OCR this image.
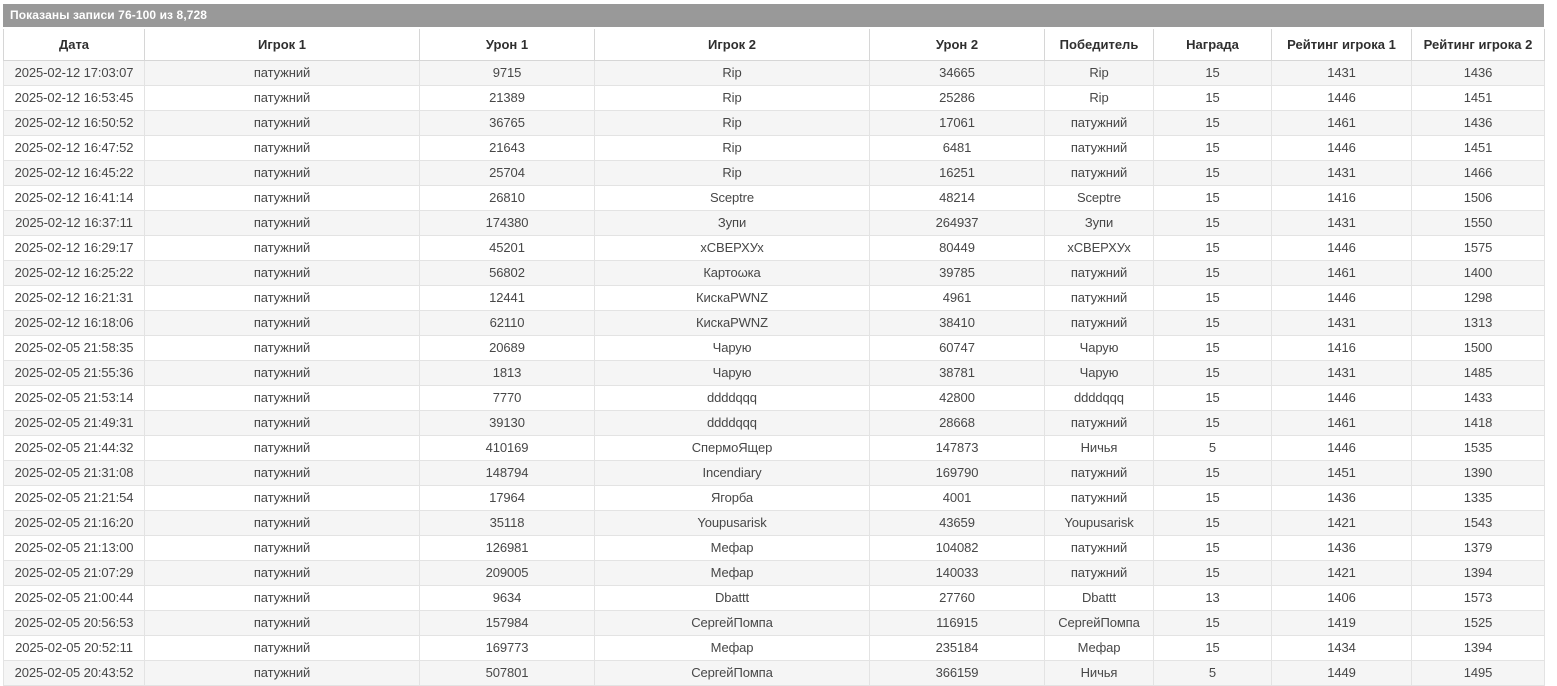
Показаны записи 76-100 из 8,728
Дата	Игрок 1	Урон 1	Игрок 2	Урон 2	Победитель	Награда	Рейтинг игрока 1	Рейтинг игрока 2
2025-02-12 17:03:07	патужний	9715	Rip	34665	Rip	15	1431	1436
2025-02-12 16:53:45	патужний	21389	Rip	25286	Rip	15	1446	1451
2025-02-12 16:50:52	патужний	36765	Rip	17061	патужний	15	1461	1436
2025-02-12 16:47:52	патужний	21643	Rip	6481	патужний	15	1446	1451
2025-02-12 16:45:22	патужний	25704	Rip	16251	патужний	15	1431	1466
2025-02-12 16:41:14	патужний	26810	Sceptre	48214	Sceptre	15	1416	1506
2025-02-12 16:37:11	патужний	174380	Зупи	264937	Зупи	15	1431	1550
2025-02-12 16:29:17	патужний	45201	хСВЕРХУх	80449	хСВЕРХУх	15	1446	1575
2025-02-12 16:25:22	патужний	56802	Картоωка	39785	патужний	15	1461	1400
2025-02-12 16:21:31	патужний	12441	КискаPWNZ	4961	патужний	15	1446	1298
2025-02-12 16:18:06	патужний	62110	КискаPWNZ	38410	патужний	15	1431	1313
2025-02-05 21:58:35	патужний	20689	Чарую	60747	Чарую	15	1416	1500
2025-02-05 21:55:36	патужний	1813	Чарую	38781	Чарую	15	1431	1485
2025-02-05 21:53:14	патужний	7770	ddddqqq	42800	ddddqqq	15	1446	1433
2025-02-05 21:49:31	патужний	39130	ddddqqq	28668	патужний	15	1461	1418
2025-02-05 21:44:32	патужний	410169	СпермоЯщер	147873	Ничья	5	1446	1535
2025-02-05 21:31:08	патужний	148794	Incendiary	169790	патужний	15	1451	1390
2025-02-05 21:21:54	патужний	17964	Ягорба	4001	патужний	15	1436	1335
2025-02-05 21:16:20	патужний	35118	Youpusarisk	43659	Youpusarisk	15	1421	1543
2025-02-05 21:13:00	патужний	126981	Мефар	104082	патужний	15	1436	1379
2025-02-05 21:07:29	патужний	209005	Мефар	140033	патужний	15	1421	1394
2025-02-05 21:00:44	патужний	9634	Dbattt	27760	Dbattt	13	1406	1573
2025-02-05 20:56:53	патужний	157984	СергейПомпа	116915	СергейПомпа	15	1419	1525
2025-02-05 20:52:11	патужний	169773	Мефар	235184	Мефар	15	1434	1394
2025-02-05 20:43:52	патужний	507801	СергейПомпа	366159	Ничья	5	1449	1495
